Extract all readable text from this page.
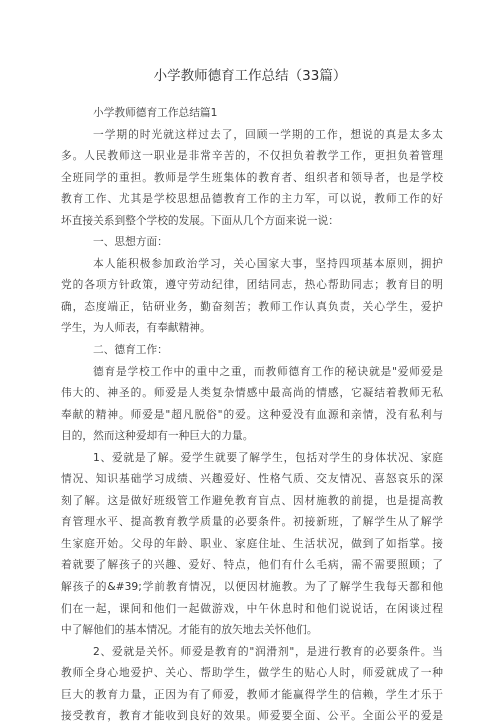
小学教师德育工作总结（33篇）
小学教师德育工作总结篇1
一学期的时光就这样过去了，回顾一学期的工作，想说的真是太多太
多。人民教师这一职业是非常辛苦的，不仅担负着教学工作，更担负着管理
全班同学的重担。教师是学生班集体的教育者、组织者和领导者，也是学校
教育工作、尤其是学校思想品德教育工作的主力军，可以说，教师工作的好
坏直接关系到整个学校的发展。下面从几个方面来说一说：
一、思想方面：
本人能积极参加政治学习，关心国家大事，坚持四项基本原则，拥护
党的各项方针政策，遵守劳动纪律，团结同志，热心帮助同志；教育目的明
确，态度端正，钻研业务，勤奋刻苦；教师工作认真负责，关心学生，爱护
学生，为人师表，有奉献精神。
二、德育工作：
德育是学校工作中的重中之重，而教师德育工作的秘诀就是"爱师爱是
伟大的、神圣的。师爱是人类复杂情感中最高尚的情感，它凝结着教师无私
奉献的精神。师爱是"超凡脱俗"的爱。这种爱没有血源和亲情，没有私利与
目的，然而这种爱却有一种巨大的力量。
1、爱就是了解。爱学生就要了解学生，包括对学生的身体状况、家庭
情况、知识基础学习成绩、兴趣爱好、性格气质、交友情况、喜怒哀乐的深
刻了解。这是做好班级管工作避免教育盲点、因材施教的前提，也是提高教
育管理水平、提高教育教学质量的必要条件。初接新班，了解学生从了解学
生家庭开始。父母的年龄、职业、家庭住址、生活状况，做到了如指掌。接
着就要了解孩子的兴趣、爱好、特点，他们有什么毛病，需不需要照顾；了
解孩子的&#39;学前教育情况，以便因材施教。为了了解学生我每天都和他
们在一起，课间和他们一起做游戏，中午休息时和他们说说话，在闲谈过程
中了解他们的基本情况。才能有的放矢地去关怀他们。
2、爱就是关怀。师爱是教育的"润滑剂"，是进行教育的必要条件。当
教师全身心地爱护、关心、帮助学生，做学生的贴心人时，师爱就成了一种
巨大的教育力量，正因为有了师爱，教师才能赢得学生的信赖，学生才乐于
接受教育，教育才能收到良好的效果。师爱要全面、公平。全面公平的爱是
